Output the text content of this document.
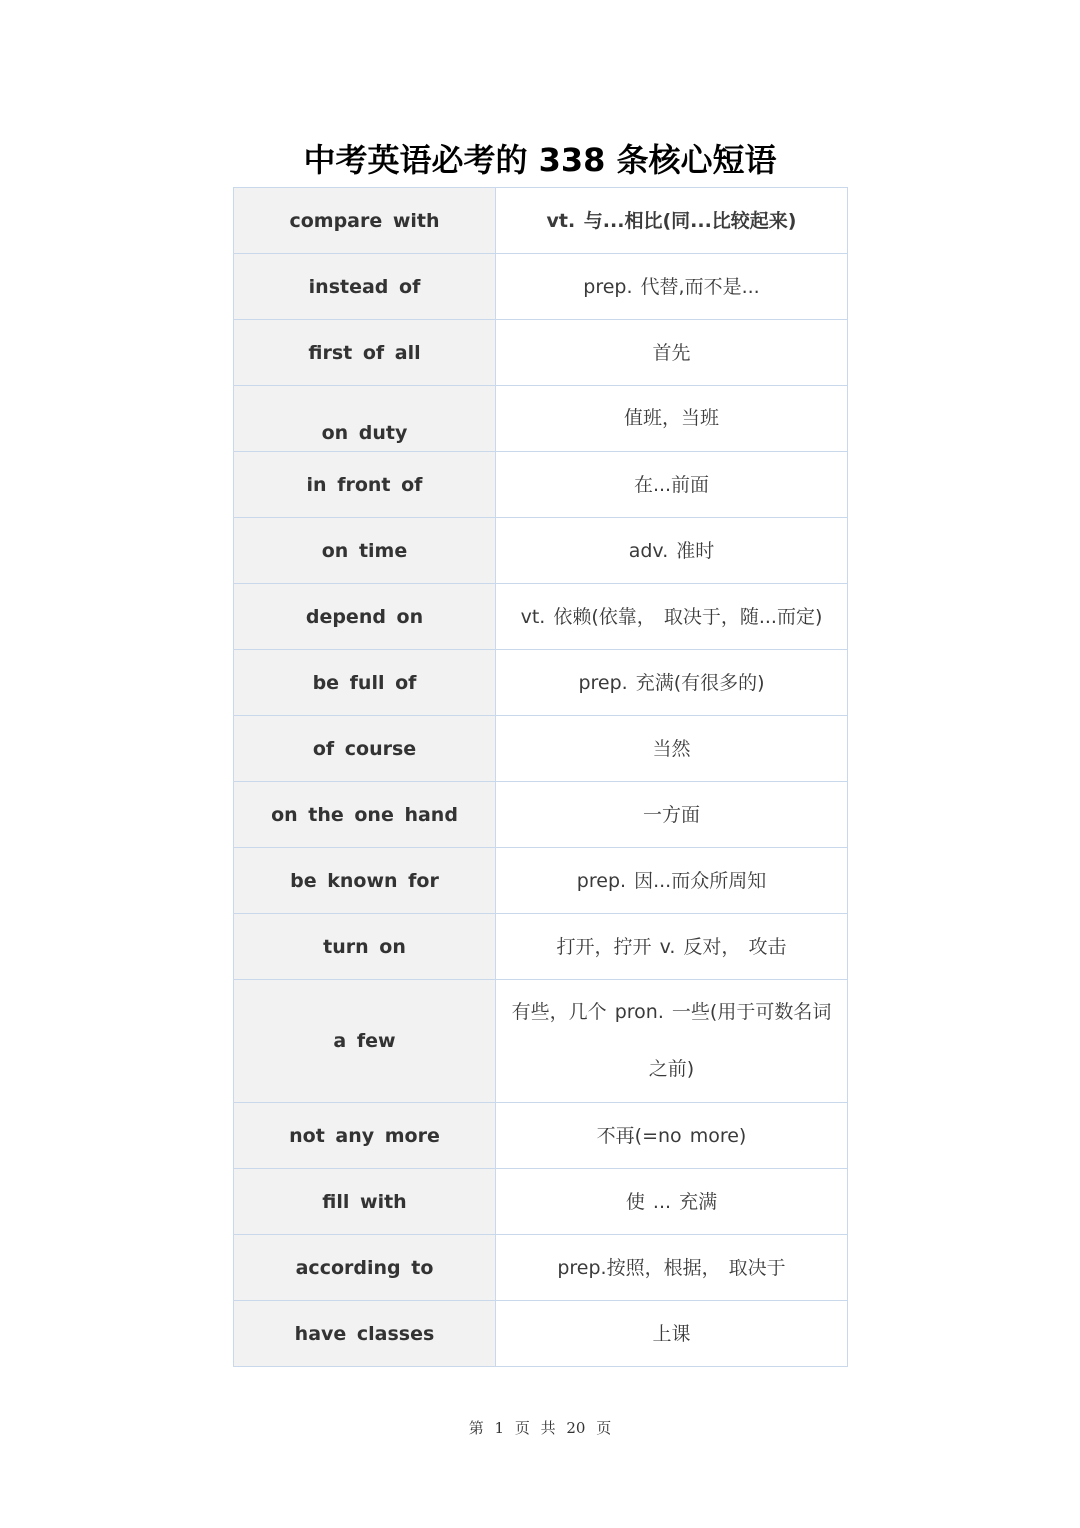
中考英语必考的 338 条核心短语
compare with	vt. 与...相比(同...比较起来)
instead of	prep. 代替,而不是...
first of all	首先
on duty	值班，当班
in front of	在...前面
on time	adv. 准时
depend on	vt. 依赖(依靠， 取决于，随...而定)
be full of	prep. 充满(有很多的)
of course	当然
on the one hand	一方面
be known for	prep. 因...而众所周知
turn on	打开，拧开 v. 反对， 攻击
a few	有些，几个 pron. 一些(用于可数名词之前)
not any more	不再(=no more)
fill with	使 ... 充满
according to	prep.按照，根据， 取决于
have classes	上课
第 1 页 共 20 页
